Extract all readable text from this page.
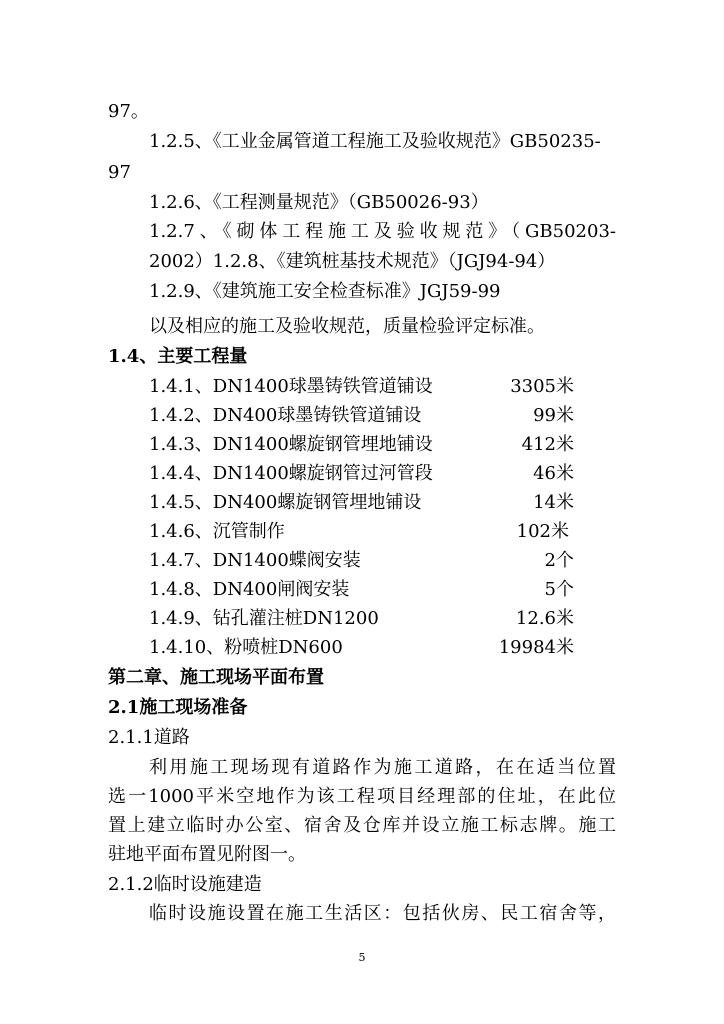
97。
1.2.5、《工业金属管道工程施工及验收规范》GB50235-
97
1.2.6、《工程测量规范》（GB50026-93）
1.2.7、《砌体工程施工及验收规范》（GB50203-
2002）1.2.8、《建筑桩基技术规范》（JGJ94-94）
1.2.9、《建筑施工安全检查标准》JGJ59-99
以及相应的施工及验收规范，质量检验评定标准。
1.4、主要工程量
1.4.1、DN1400球墨铸铁管道铺设	3305米
1.4.2、DN400球墨铸铁管道铺设	99米
1.4.3、DN1400螺旋钢管埋地铺设	412米
1.4.4、DN1400螺旋钢管过河管段	46米
1.4.5、DN400螺旋钢管埋地铺设	14米
1.4.6、沉管制作	102米
1.4.7、DN1400蝶阀安装	2个
1.4.8、DN400闸阀安装	5个
1.4.9、钻孔灌注桩DN1200	12.6米
1.4.10、粉喷桩DN600	19984米
第二章、施工现场平面布置
2.1施工现场准备
2.1.1道路
利用施工现场现有道路作为施工道路，在在适当位置
选一1000平米空地作为该工程项目经理部的住址，在此位
置上建立临时办公室、宿舍及仓库并设立施工标志牌。施工
驻地平面布置见附图一。
2.1.2临时设施建造
临时设施设置在施工生活区：包括伙房、民工宿舍等，
5
